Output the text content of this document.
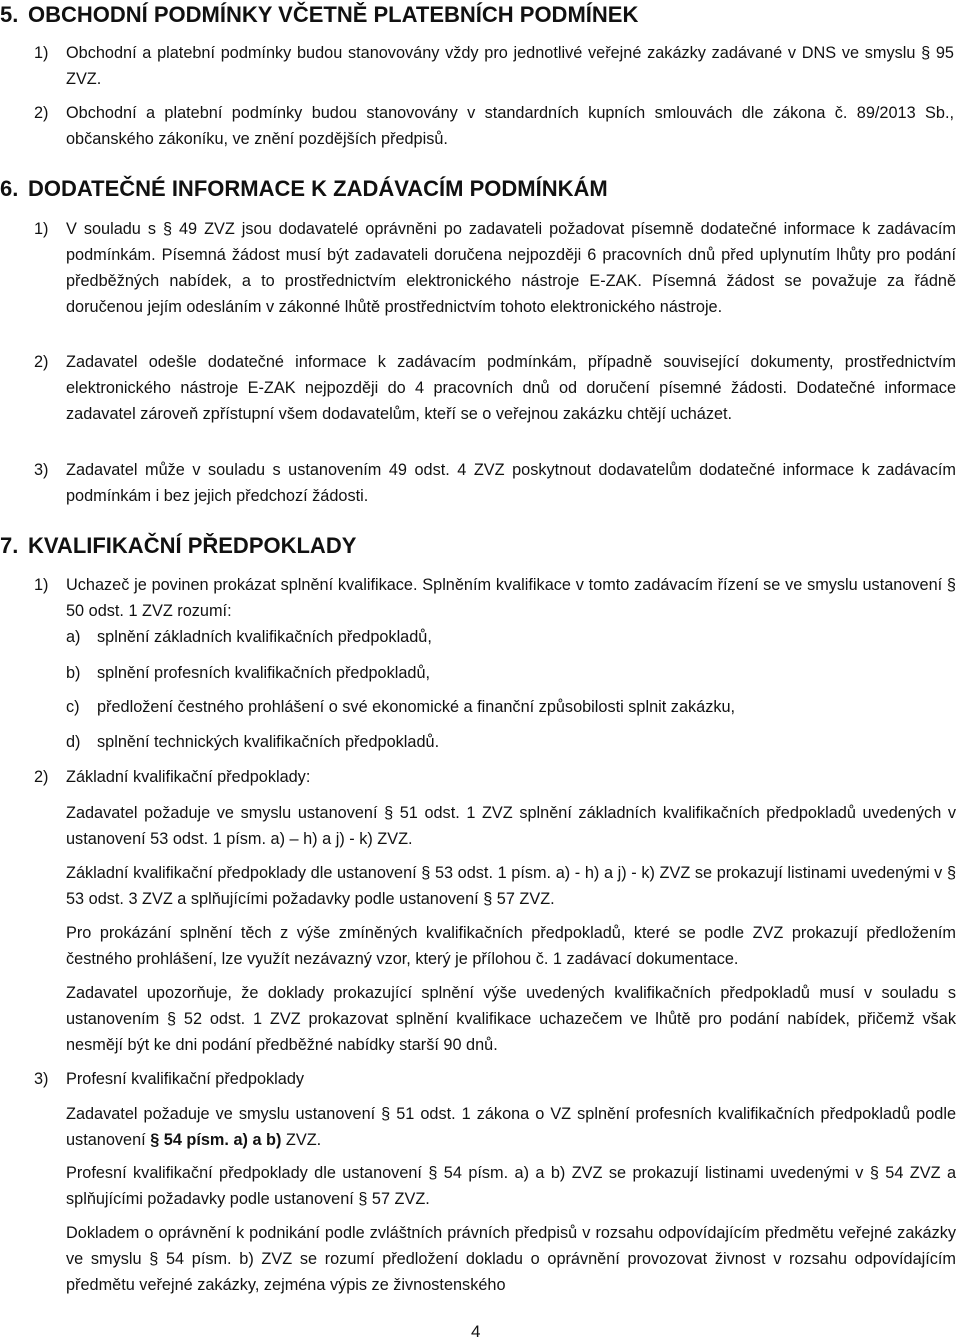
5. OBCHODNÍ PODMÍNKY VČETNĚ PLATEBNÍCH PODMÍNEK
1) Obchodní a platební podmínky budou stanovovány vždy pro jednotlivé veřejné zakázky zadávané v DNS ve smyslu § 95 ZVZ.

2) Obchodní a platební podmínky budou stanovovány v standardních kupních smlouvách dle zákona č. 89/2013 Sb., občanského zákoníku, ve znění pozdějších předpisů.

6. DODATEČNÉ INFORMACE K ZADÁVACÍM PODMÍNKÁM
1) V souladu s § 49 ZVZ jsou dodavatelé oprávněni po zadavateli požadovat písemně dodatečné informace k zadávacím podmínkám. Písemná žádost musí být zadavateli doručena nejpozději 6 pracovních dnů před uplynutím lhůty pro podání předběžných nabídek, a to prostřednictvím elektronického nástroje E-ZAK. Písemná žádost se považuje za řádně doručenou jejím odesláním v zákonné lhůtě prostřednictvím tohoto elektronického nástroje.

2) Zadavatel odešle dodatečné informace k zadávacím podmínkám, případně související dokumenty, prostřednictvím elektronického nástroje E-ZAK nejpozději do 4 pracovních dnů od doručení písemné žádosti. Dodatečné informace zadavatel zároveň zpřístupní všem dodavatelům, kteří se o veřejnou zakázku chtějí ucházet.

3) Zadavatel může v souladu s ustanovením 49 odst. 4 ZVZ poskytnout dodavatelům dodatečné informace k zadávacím podmínkám i bez jejich předchozí žádosti.

7. KVALIFIKAČNÍ PŘEDPOKLADY
1) Uchazeč je povinen prokázat splnění kvalifikace. Splněním kvalifikace v tomto zadávacím řízení se ve smyslu ustanovení § 50 odst. 1 ZVZ rozumí:

a) splnění základních kvalifikačních předpokladů,

b) splnění profesních kvalifikačních předpokladů,

c) předložení čestného prohlášení o své ekonomické a finanční způsobilosti splnit zakázku,

d) splnění technických kvalifikačních předpokladů.

2) Základní kvalifikační předpoklady:

Zadavatel požaduje ve smyslu ustanovení § 51 odst. 1 ZVZ splnění základních kvalifikačních předpokladů uvedených v ustanovení 53 odst. 1 písm. a) – h) a j) - k) ZVZ.

Základní kvalifikační předpoklady dle ustanovení § 53 odst. 1 písm. a) - h) a j) - k) ZVZ se prokazují listinami uvedenými v § 53 odst. 3 ZVZ a splňujícími požadavky podle ustanovení § 57 ZVZ.

Pro prokázání splnění těch z výše zmíněných kvalifikačních předpokladů, které se podle ZVZ prokazují předložením čestného prohlášení, lze využít nezávazný vzor, který je přílohou č. 1 zadávací dokumentace.

Zadavatel upozorňuje, že doklady prokazující splnění výše uvedených kvalifikačních předpokladů musí v souladu s ustanovením § 52 odst. 1 ZVZ prokazovat splnění kvalifikace uchazečem ve lhůtě pro podání nabídek, přičemž však nesmějí být ke dni podání předběžné nabídky starší 90 dnů.

3) Profesní kvalifikační předpoklady

Zadavatel požaduje ve smyslu ustanovení § 51 odst. 1 zákona o VZ splnění profesních kvalifikačních předpokladů podle ustanovení § 54 písm. a) a b) ZVZ.

Profesní kvalifikační předpoklady dle ustanovení § 54 písm. a) a b) ZVZ se prokazují listinami uvedenými v § 54 ZVZ a splňujícími požadavky podle ustanovení § 57 ZVZ.

Dokladem o oprávnění k podnikání podle zvláštních právních předpisů v rozsahu odpovídajícím předmětu veřejné zakázky ve smyslu § 54 písm. b) ZVZ se rozumí předložení dokladu o oprávnění provozovat živnost v rozsahu odpovídajícím předmětu veřejné zakázky, zejména výpis ze živnostenského

4
